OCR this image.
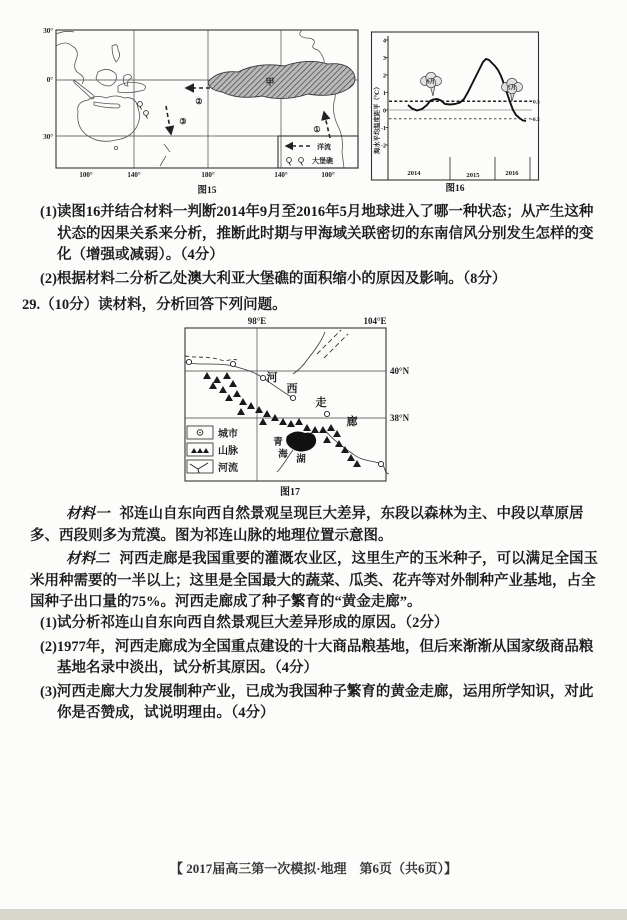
甲
②
③
①
洋流
大堡礁
30°
0°
30°
100°	140°	180°	140°	100°
图15
4
3
2
1
0
-1
-2
海水平均温度距平（℃）	0.5
-0.5
9月
5月
2014	2015	2016
图16

(1)读图16并结合材料一判断2014年9月至2016年5月地球进入了哪一种状态；从产生这种状态的因果关系来分析，推断此时期与甲海域关联密切的东南信风分别发生怎样的变化（增强或减弱）。（4分）

(2)根据材料二分析乙处澳大利亚大堡礁的面积缩小的原因及影响。（8分）

29.（10分）读材料，分析回答下列问题。
98°E	104°E
40°N
38°N
河
西
走
廊
青
海 湖
城市
山脉
河流
图17

材料一 祁连山自东向西自然景观呈现巨大差异，东段以森林为主、中段以草原居多、西段则多为荒漠。图为祁连山脉的地理位置示意图。

材料二 河西走廊是我国重要的灌溉农业区，这里生产的玉米种子，可以满足全国玉米用种需要的一半以上；这里是全国最大的蔬菜、瓜类、花卉等对外制种产业基地，占全国种子出口量的75%。河西走廊成了种子繁育的“黄金走廊”。

(1)试分析祁连山自东向西自然景观巨大差异形成的原因。（2分）

(2)1977年，河西走廊成为全国重点建设的十大商品粮基地，但后来渐渐从国家级商品粮基地名录中淡出，试分析其原因。（4分）

(3)河西走廊大力发展制种产业，已成为我国种子繁育的黄金走廊，运用所学知识，对此你是否赞成，试说明理由。（4分）

【 2017届高三第一次模拟·地理　第6页（共6页）】
